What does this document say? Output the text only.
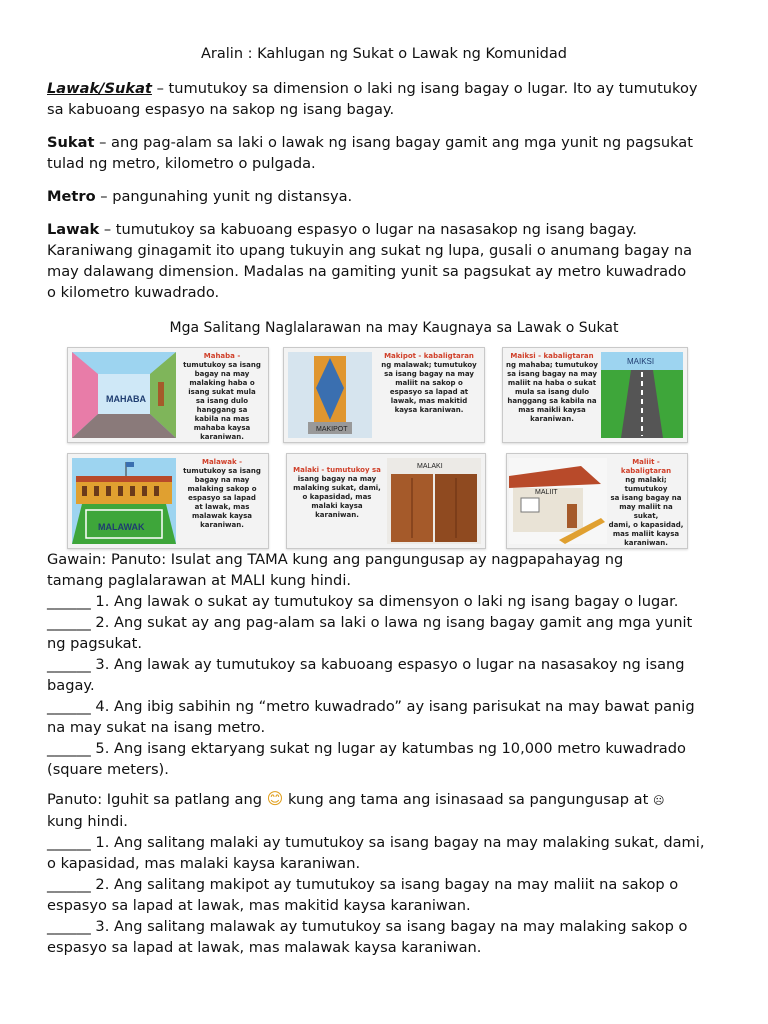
Aralin : Kahlugan ng Sukat o Lawak ng Komunidad
Lawak/Sukat – tumutukoy sa dimension o laki ng isang bagay o lugar. Ito ay tumutukoy
sa kabuoang espasyo na sakop ng isang bagay.
Sukat – ang pag-alam sa laki o lawak ng isang bagay gamit ang mga yunit ng pagsukat
tulad ng metro, kilometro o pulgada.
Metro – pangunahing yunit ng distansya.
Lawak – tumutukoy sa kabuoang espasyo o lugar na nasasakop ng isang bagay.
Karaniwang ginagamit ito upang tukuyin ang sukat ng lupa, gusali o anumang bagay na
may dalawang dimension. Madalas na gamiting yunit sa pagsukat ay metro kuwadrado
o kilometro kuwadrado.
Mga Salitang Naglalarawan na may Kaugnaya sa Lawak o Sukat
MAHABA
Mahaba -
tumutukoy sa isang
bagay na may
malaking haba o
isang sukat mula
sa isang dulo
hanggang sa
kabila na mas
mahaba kaysa
karaniwan.
MAKIPOT
Makipot - kabaligtaran
ng malawak; tumutukoy
sa isang bagay na may
maliit na sakop o
espasyo sa lapad at
lawak, mas makitid
kaysa karaniwan.
Maiksi - kabaligtaran
ng mahaba; tumutukoy
sa isang bagay na may
maliit na haba o sukat
mula sa isang dulo
hanggang sa kabila na
mas maikli kaysa
karaniwan.
MAIKSI
MALAWAK
Malawak -
tumutukoy sa isang
bagay na may
malaking sakop o
espasyo sa lapad
at lawak, mas
malawak kaysa
karaniwan.
Malaki - tumutukoy sa
isang bagay na may
malaking sukat, dami,
o kapasidad, mas
malaki kaysa
karaniwan.
MALAKI
MALIIT
Maliit - kabaligtaran
ng malaki; tumutukoy
sa isang bagay na
may maliit na sukat,
dami, o kapasidad,
mas maliit kaysa
karaniwan.
Gawain: Panuto: Isulat ang TAMA kung ang pangungusap ay nagpapahayag ng
tamang paglalarawan at MALI kung hindi.
______ 1. Ang lawak o sukat ay tumutukoy sa dimensyon o laki ng isang bagay o lugar.
______ 2. Ang sukat ay ang pag-alam sa laki o lawa ng isang bagay gamit ang mga yunit
ng pagsukat.
______ 3. Ang lawak ay tumutukoy sa kabuoang espasyo o lugar na nasasakoy ng isang
bagay.
______ 4. Ang ibig sabihin ng “metro kuwadrado” ay isang parisukat na may bawat panig
na may sukat na isang metro.
______ 5. Ang isang ektaryang sukat ng lugar ay katumbas ng 10,000 metro kuwadrado
(square meters).
Panuto: Iguhit sa patlang ang 😊 kung ang tama ang isinasaad sa pangungusap at ☹
kung hindi.
______ 1. Ang salitang malaki ay tumutukoy sa isang bagay na may malaking sukat, dami,
o kapasidad, mas malaki kaysa karaniwan.
______ 2. Ang salitang makipot ay tumutukoy sa isang bagay na may maliit na sakop o
espasyo sa lapad at lawak, mas makitid kaysa karaniwan.
______ 3. Ang salitang malawak ay tumutukoy sa isang bagay na may malaking sakop o
espasyo sa lapad at lawak, mas malawak kaysa karaniwan.
